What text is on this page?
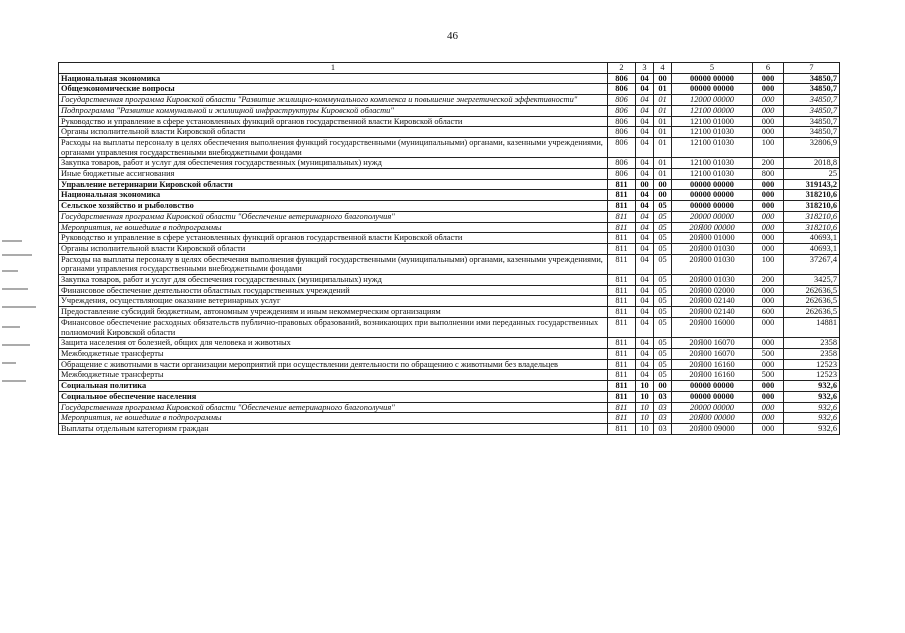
46
1	2	3	4	5	6	7
Национальная экономика	806	04	00	00000 00000	000	34850,7
Общеэкономические вопросы	806	04	01	00000 00000	000	34850,7
Государственная программа Кировской области "Развитие жилищно-коммунального комплекса и повышение энергетической эффективности"	806	04	01	12000 00000	000	34850,7
Подпрограмма "Развитие коммунальной и жилищной инфраструктуры Кировской области"	806	04	01	12100 00000	000	34850,7
Руководство и управление в сфере установленных функций органов государственной власти Кировской области	806	04	01	12100 01000	000	34850,7
Органы исполнительной власти Кировской области	806	04	01	12100 01030	000	34850,7
Расходы на выплаты персоналу в целях обеспечения выполнения функций государственными (муниципальными) органами, казенными учреждениями, органами управления государственными внебюджетными фондами	806	04	01	12100 01030	100	32806,9
Закупка товаров, работ и услуг для обеспечения государственных (муниципальных) нужд	806	04	01	12100 01030	200	2018,8
Иные бюджетные ассигнования	806	04	01	12100 01030	800	25
Управление ветеринарии Кировской области	811	00	00	00000 00000	000	319143,2
Национальная экономика	811	04	00	00000 00000	000	318210,6
Сельское хозяйство и рыболовство	811	04	05	00000 00000	000	318210,6
Государственная программа Кировской области "Обеспечение ветеринарного благополучия"	811	04	05	20000 00000	000	318210,6
Мероприятия, не вошедшие в подпрограммы	811	04	05	20Я00 00000	000	318210,6
Руководство и управление в сфере установленных функций органов государственной власти Кировской области	811	04	05	20Я00 01000	000	40693,1
Органы исполнительной власти Кировской области	811	04	05	20Я00 01030	000	40693,1
Расходы на выплаты персоналу в целях обеспечения выполнения функций государственными (муниципальными) органами, казенными учреждениями, органами управления государственными внебюджетными фондами	811	04	05	20Я00 01030	100	37267,4
Закупка товаров, работ и услуг для обеспечения государственных (муниципальных) нужд	811	04	05	20Я00 01030	200	3425,7
Финансовое обеспечение деятельности областных государственных учреждений	811	04	05	20Я00 02000	000	262636,5
Учреждения, осуществляющие оказание ветеринарных услуг	811	04	05	20Я00 02140	000	262636,5
Предоставление субсидий бюджетным, автономным учреждениям и иным некоммерческим организациям	811	04	05	20Я00 02140	600	262636,5
Финансовое обеспечение расходных обязательств публично-правовых образований, возникающих при выполнении ими переданных государственных полномочий Кировской области	811	04	05	20Я00 16000	000	14881
Защита населения от болезней, общих для человека и животных	811	04	05	20Я00 16070	000	2358
Межбюджетные трансферты	811	04	05	20Я00 16070	500	2358
Обращение с животными в части организации мероприятий при осуществлении деятельности по обращению с животными без владельцев	811	04	05	20Я00 16160	000	12523
Межбюджетные трансферты	811	04	05	20Я00 16160	500	12523
Социальная политика	811	10	00	00000 00000	000	932,6
Социальное обеспечение населения	811	10	03	00000 00000	000	932,6
Государственная программа Кировской области "Обеспечение ветеринарного благополучия"	811	10	03	20000 00000	000	932,6
Мероприятия, не вошедшие в подпрограммы	811	10	03	20Я00 00000	000	932,6
Выплаты отдельным категориям граждан	811	10	03	20Я00 09000	000	932,6
